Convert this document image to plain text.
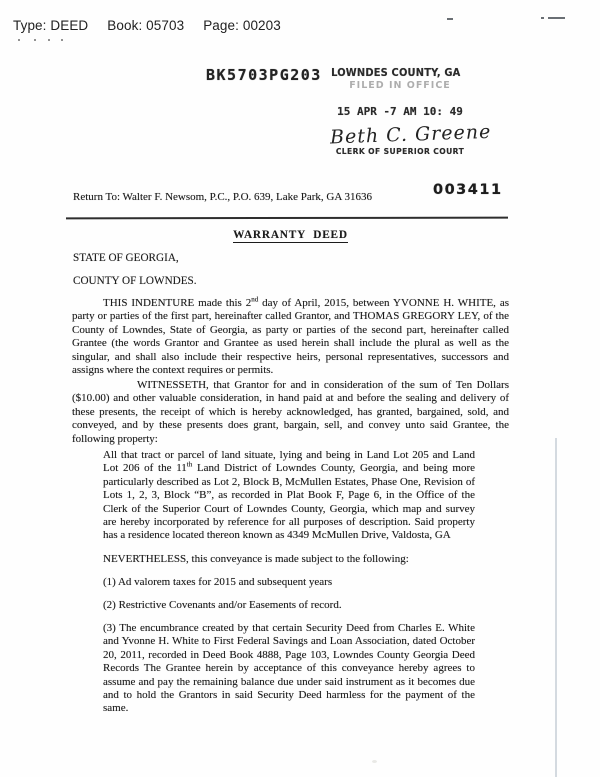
Type: DEED Book: 05703 Page: 00203
BK5703PG203 LOWNDES COUNTY, GA
FILED IN OFFICE
15 APR -7 AM 10: 49
Beth C. Greene
CLERK OF SUPERIOR COURT
003411
Return To: Walter F. Newsom, P.C., P.O. 639, Lake Park, GA 31636
WARRANTY DEED
STATE OF GEORGIA,
COUNTY OF LOWNDES.
THIS INDENTURE made this 2nd day of April, 2015, between YVONNE H. WHITE, as party or parties of the first part, hereinafter called Grantor, and THOMAS GREGORY LEY, of the County of Lowndes, State of Georgia, as party or parties of the second part, hereinafter called Grantee (the words Grantor and Grantee as used herein shall include the plural as well as the singular, and shall also include their respective heirs, personal representatives, successors and assigns where the context requires or permits.
WITNESSETH, that Grantor for and in consideration of the sum of Ten Dollars ($10.00) and other valuable consideration, in hand paid at and before the sealing and delivery of these presents, the receipt of which is hereby acknowledged, has granted, bargained, sold, and conveyed, and by these presents does grant, bargain, sell, and convey unto said Grantee, the following property:
All that tract or parcel of land situate, lying and being in Land Lot 205 and Land Lot 206 of the 11th Land District of Lowndes County, Georgia, and being more particularly described as Lot 2, Block B, McMullen Estates, Phase One, Revision of Lots 1, 2, 3, Block “B”, as recorded in Plat Book F, Page 6, in the Office of the Clerk of the Superior Court of Lowndes County, Georgia, which map and survey are hereby incorporated by reference for all purposes of description. Said property has a residence located thereon known as 4349 McMullen Drive, Valdosta, GA
NEVERTHELESS, this conveyance is made subject to the following:
(1) Ad valorem taxes for 2015 and subsequent years
(2) Restrictive Covenants and/or Easements of record.
(3) The encumbrance created by that certain Security Deed from Charles E. White and Yvonne H. White to First Federal Savings and Loan Association, dated October 20, 2011, recorded in Deed Book 4888, Page 103, Lowndes County Georgia Deed Records The Grantee herein by acceptance of this conveyance hereby agrees to assume and pay the remaining balance due under said instrument as it becomes due and to hold the Grantors in said Security Deed harmless for the payment of the same.
